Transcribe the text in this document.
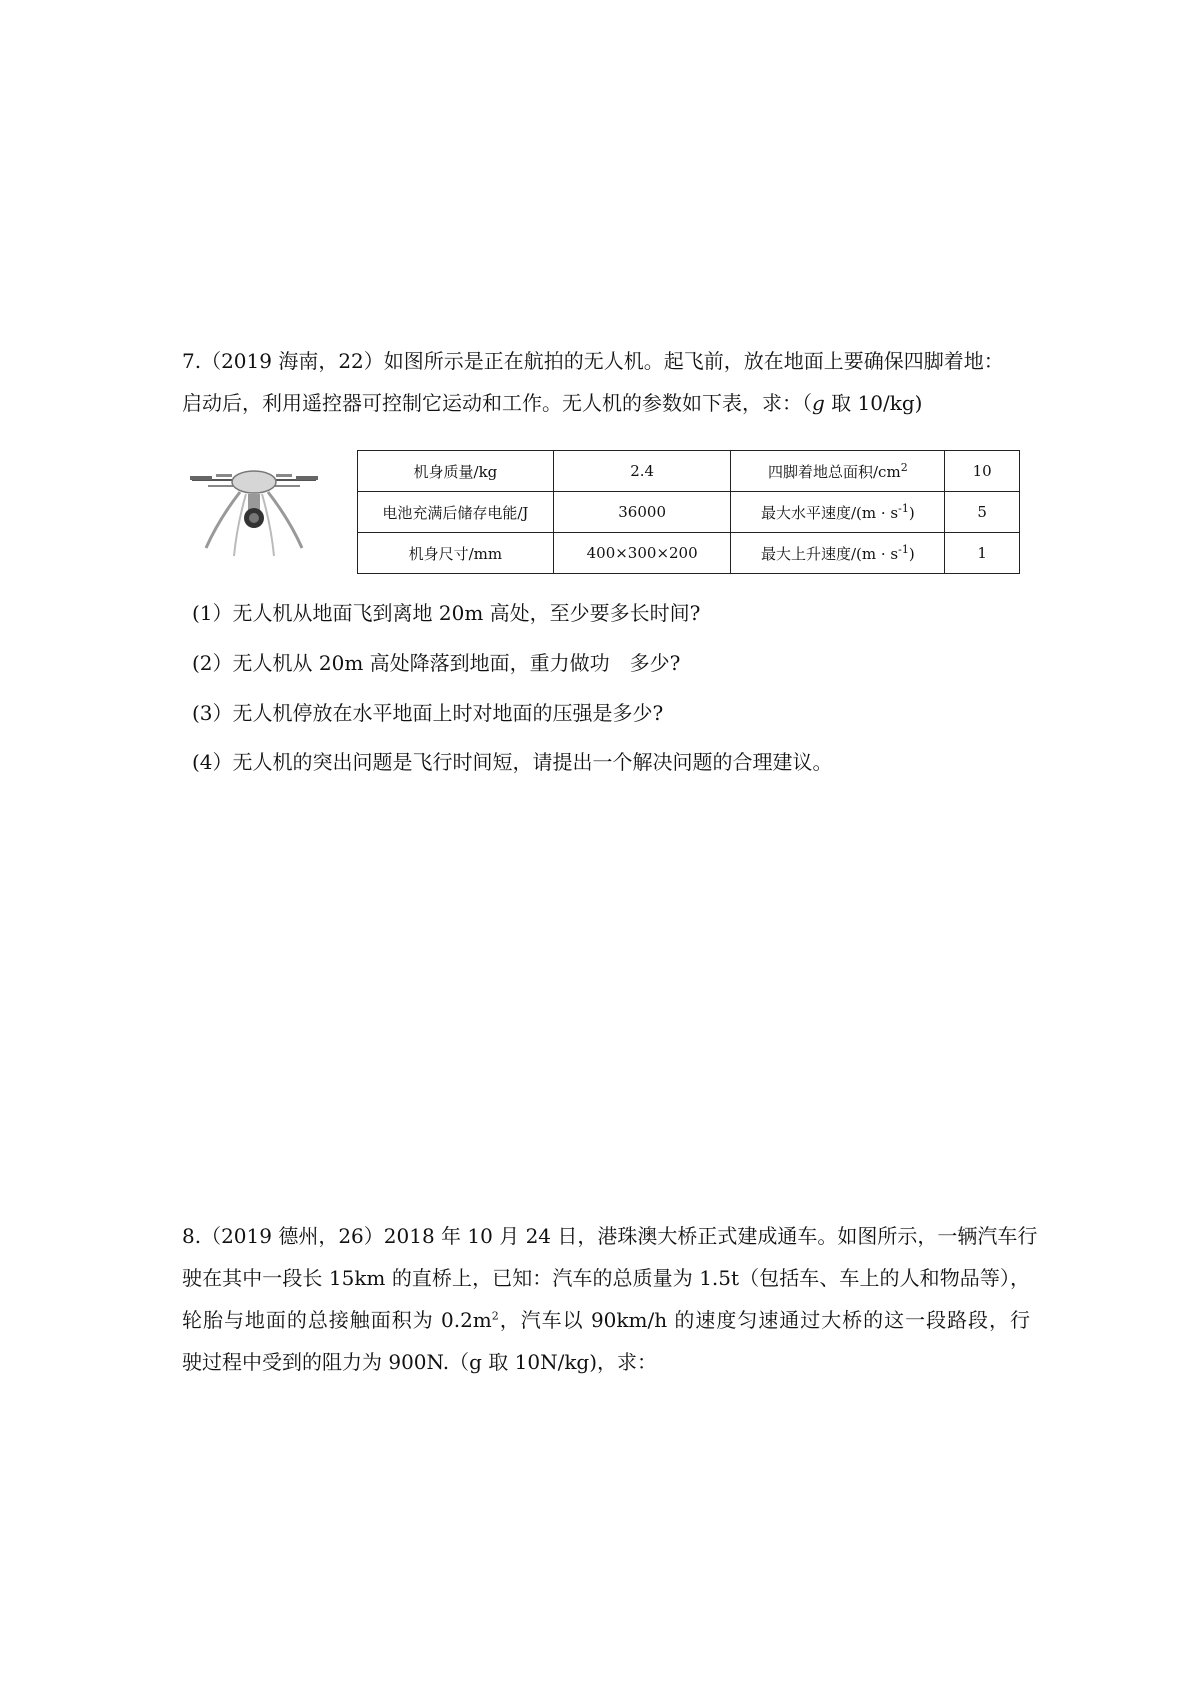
7.（2019 海南，22）如图所示是正在航拍的无人机。起飞前，放在地面上要确保四脚着地：

启动后，利用遥控器可控制它运动和工作。无人机的参数如下表，求：（g 取 10/kg)

机身质量/kg	2.4	四脚着地总面积$/cm^2$	10
电池充满后储存电能/J	36000	最大水平速度$/(m \cdot s^{-1})$	5
机身尺寸/mm	400×300×200	最大上升速度$/(m \cdot s^{-1})$	1
(1）无人机从地面飞到离地 20m 高处，至少要多长时间?
(2）无人机从 20m 高处降落到地面，重力做功　多少?
(3）无人机停放在水平地面上时对地面的压强是多少?
(4）无人机的突出问题是飞行时间短，请提出一个解决问题的合理建议。

8.（2019 德州，26）2018 年 10 月 24 日，港珠澳大桥正式建成通车。如图所示，一辆汽车行

驶在其中一段长 15km 的直桥上，已知：汽车的总质量为 1.5t（包括车、车上的人和物品等），

轮胎与地面的总接触面积为 $0.2m^2$，汽车以 90km/h 的速度匀速通过大桥的这一段路段，行

驶过程中受到的阻力为 900N.（g 取 10N/kg)，求：
